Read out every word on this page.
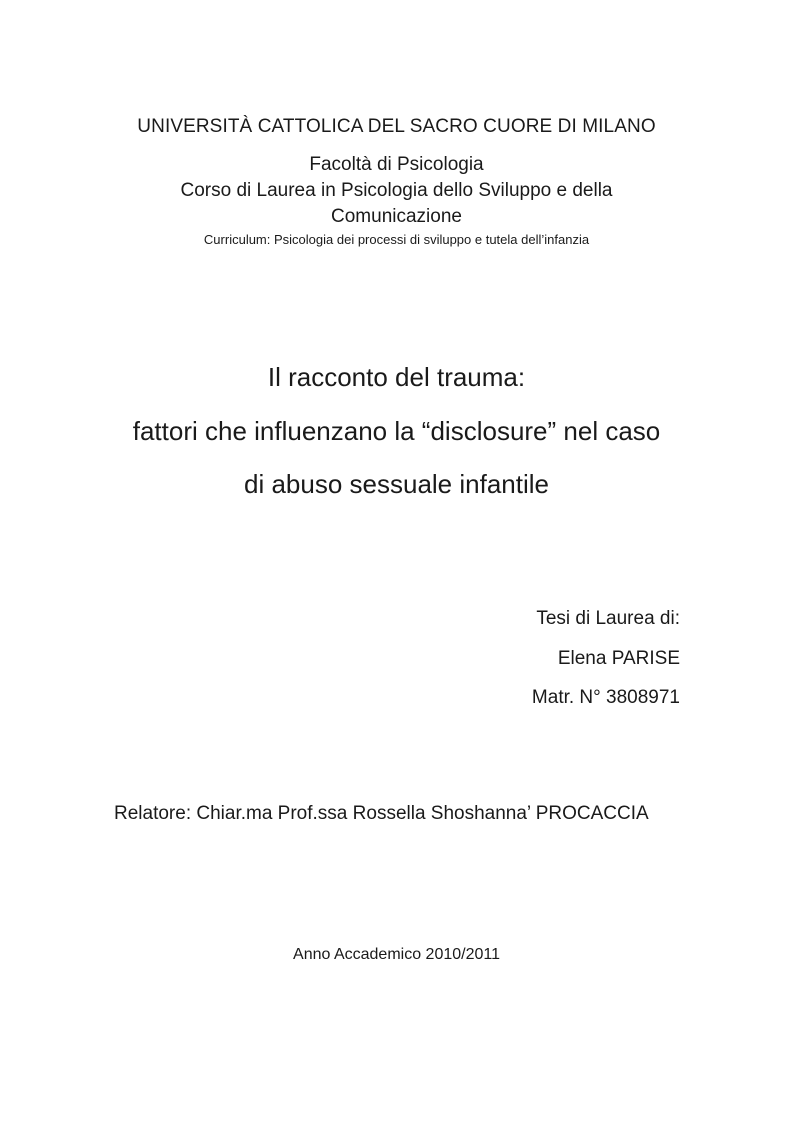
UNIVERSITÀ CATTOLICA DEL SACRO CUORE DI MILANO

Facoltà di Psicologia

Corso di Laurea in Psicologia dello Sviluppo e della

Comunicazione

Curriculum: Psicologia dei processi di sviluppo e tutela dell’infanzia

Il racconto del trauma:
fattori che influenzano la “disclosure” nel caso
di abuso sessuale infantile

Tesi di Laurea di:

Elena PARISE

Matr. N° 3808971

Relatore: Chiar.ma Prof.ssa Rossella Shoshanna’ PROCACCIA

Anno Accademico 2010/2011
